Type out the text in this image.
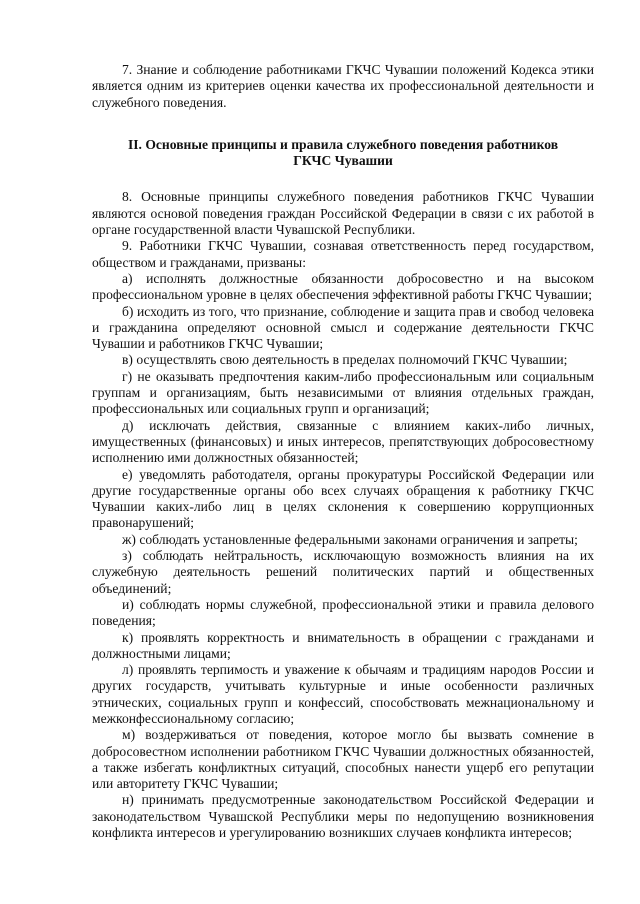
7. Знание и соблюдение работниками ГКЧС Чувашии положений Кодекса этики является одним из критериев оценки качества их профессиональной деятельности и служебного поведения.

II. Основные принципы и правила служебного поведения работников
ГКЧС Чувашии

8. Основные принципы служебного поведения работников ГКЧС Чувашии являются основой поведения граждан Российской Федерации в связи с их работой в органе государственной власти Чувашской Республики.

9. Работники ГКЧС Чувашии, сознавая ответственность перед государством, обществом и гражданами, призваны:

а) исполнять должностные обязанности добросовестно и на высоком профессиональном уровне в целях обеспечения эффективной работы ГКЧС Чувашии;

б) исходить из того, что признание, соблюдение и защита прав и свобод человека и гражданина определяют основной смысл и содержание деятельности ГКЧС Чувашии и работников ГКЧС Чувашии;

в) осуществлять свою деятельность в пределах полномочий ГКЧС Чувашии;

г) не оказывать предпочтения каким-либо профессиональным или социальным группам и организациям, быть независимыми от влияния отдельных граждан, профессиональных или социальных групп и организаций;

д) исключать действия, связанные с влиянием каких-либо личных, имущественных (финансовых) и иных интересов, препятствующих добросовестному исполнению ими должностных обязанностей;

е) уведомлять работодателя, органы прокуратуры Российской Федерации или другие государственные органы обо всех случаях обращения к работнику ГКЧС Чувашии каких-либо лиц в целях склонения к совершению коррупционных правонарушений;

ж) соблюдать установленные федеральными законами ограничения и запреты;

з) соблюдать нейтральность, исключающую возможность влияния на их служебную деятельность решений политических партий и общественных объединений;

и) соблюдать нормы служебной, профессиональной этики и правила делового поведения;

к) проявлять корректность и внимательность в обращении с гражданами и должностными лицами;

л) проявлять терпимость и уважение к обычаям и традициям народов России и других государств, учитывать культурные и иные особенности различных этнических, социальных групп и конфессий, способствовать межнациональному и межконфессиональному согласию;

м) воздерживаться от поведения, которое могло бы вызвать сомнение в добросовестном исполнении работником ГКЧС Чувашии должностных обязанностей, а также избегать конфликтных ситуаций, способных нанести ущерб его репутации или авторитету ГКЧС Чувашии;

н) принимать предусмотренные законодательством Российской Федерации и законодательством Чувашской Республики меры по недопущению возникновения конфликта интересов и урегулированию возникших случаев конфликта интересов;
